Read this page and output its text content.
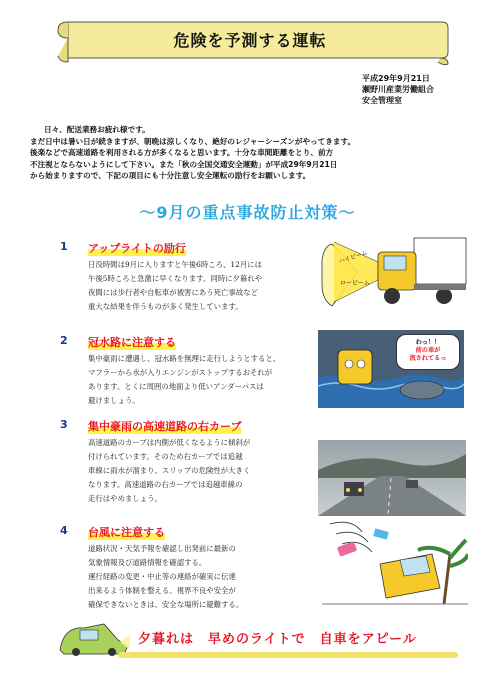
危険を予測する運転
平成29年9月21日
瀬野川産業労働組合
安全管理室

日々、配送業務お疲れ様です。

まだ日中は暑い日が続きますが、朝晩は涼しくなり、絶好のレジャーシーズンがやってきます。

後楽などで高速道路を利用される方が多くなると思います。十分な車間距離をとり、前方

不注視とならないようにして下さい。また「秋の全国交通安全運動」が平成29年9月21日

から始まりますので、下記の項目にも十分注意し安全運転の励行をお願いします。

～9月の重点事故防止対策～
1 アップライトの励行
日没時間は9月に入りますと午後6時ころ、12月には
午後5時ころと急激に早くなります。同時に夕暮れや
夜間には歩行者や自転車が被害にあう死亡事故など
重大な結果を伴うものが多く発生しています。
ハイビーム
ロービーム
2 冠水路に注意する
集中豪雨に遭遇し、冠水路を無理に走行しようとすると、
マフラーから水が入りエンジンがストップするおそれが
あります。とくに周囲の地面より低いアンダーパスは
避けましょう。
わっ！！
前の車が
流されてるっ
3 集中豪雨の高速道路の右カーブ
高速道路のカーブは内側が低くなるように傾斜が
付けられています。そのため右カーブでは追越
車線に雨水が溜まり、スリップの危険性が大きく
なります。高速道路の右カーブでは追越車線の
走行はやめましょう。
4 台風に注意する
道路状況・天気予報を確認し出発前に最新の
気象情報及び道路情報を確認する。
運行経路の変更・中止等の連絡が確実に伝達
出来るよう体制を整える。視界不良や安全が
確保できないときは、安全な場所に避難する。
夕暮れは　早めのライトで　自車をアピール
